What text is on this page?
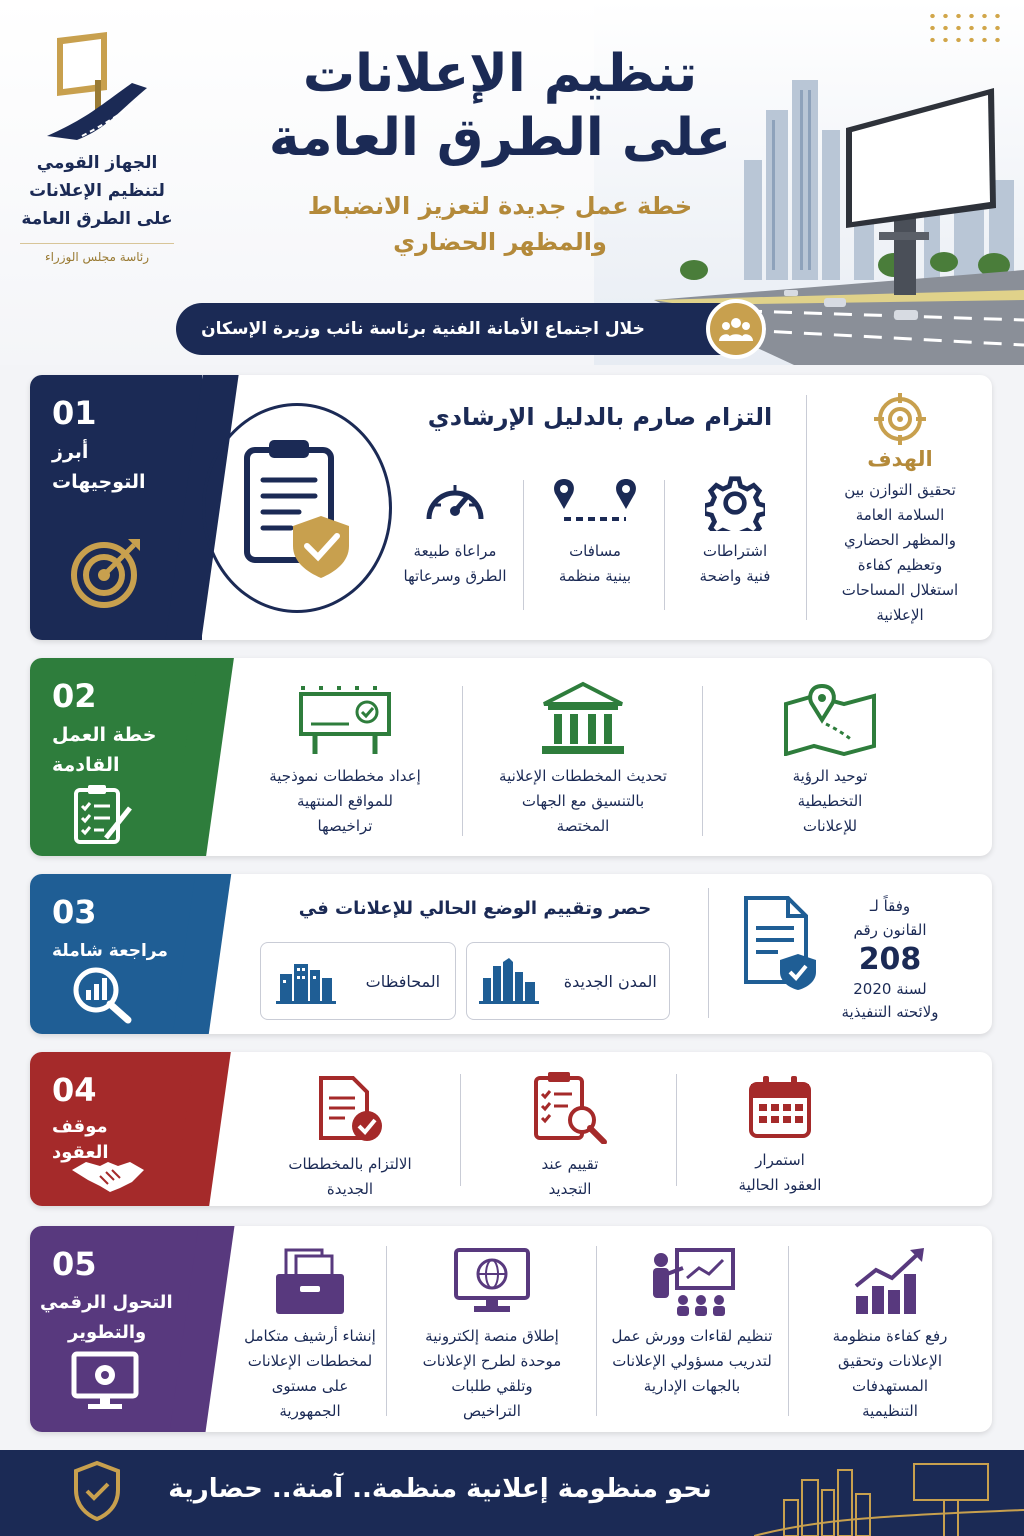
الجهاز القومي
لتنظيم الإعلانات
على الطرق العامة
رئاسة مجلس الوزراء
تنظيم الإعلانات
على الطرق العامة
خطة عمل جديدة لتعزيز الانضباط
والمظهر الحضاري
خلال اجتماع الأمانة الفنية برئاسة نائب وزيرة الإسكان
01
أبرز
التوجيهات
التزام صارم بالدليل الإرشادي
مراعاة طبيعة
الطرق وسرعاتها
مسافات
بينية منظمة
اشتراطات
فنية واضحة
الهدف
تحقيق التوازن بين
السلامة العامة
والمظهر الحضاري
وتعظيم كفاءة
استغلال المساحات
الإعلانية
02
خطة العمل
القادمة	إعداد مخططات نموذجية
للمواقع المنتهية
تراخيصها
تحديث المخططات الإعلانية
بالتنسيق مع الجهات
المختصة
توحيد الرؤية
التخطيطية
للإعلانات
03
مراجعة شاملة
حصر وتقييم الوضع الحالي للإعلانات في
المحافظات	المدن الجديدة
وفقاً لـ
القانون رقم
208
لسنة 2020
ولائحته التنفيذية
04
موقف
العقود
الالتزام بالمخططات
الجديدة
تقييم عند
التجديد
استمرار
العقود الحالية
05
التحول الرقمي
والتطوير	إنشاء أرشيف متكامل
لمخططات الإعلانات
على مستوى
الجمهورية
إطلاق منصة إلكترونية
موحدة لطرح الإعلانات
وتلقي طلبات
التراخيص
تنظيم لقاءات وورش عمل
لتدريب مسؤولي الإعلانات
بالجهات الإدارية
رفع كفاءة منظومة
الإعلانات وتحقيق
المستهدفات
التنظيمية
نحو منظومة إعلانية منظمة.. آمنة.. حضارية
